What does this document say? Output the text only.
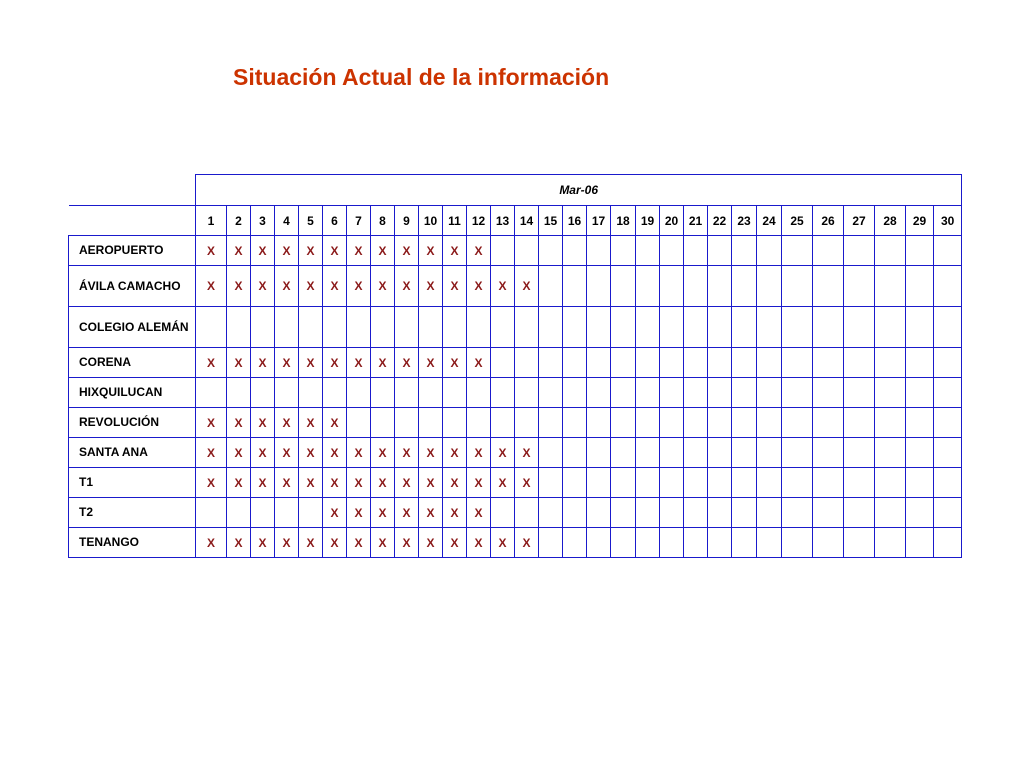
Situación Actual de la información
	Mar-06																													
	1	2	3	4	5	6	7	8	9	10	11	12	13	14	15	16	17	18	19	20	21	22	23	24	25	26	27	28	29	30
AEROPUERTO	X	X	X	X	X	X	X	X	X	X	X	X																		
ÁVILA CAMACHO	X	X	X	X	X	X	X	X	X	X	X	X	X	X																
COLEGIO ALEMÁN																														
CORENA	X	X	X	X	X	X	X	X	X	X	X	X																		
HIXQUILUCAN																														
REVOLUCIÓN	X	X	X	X	X	X																								
SANTA ANA	X	X	X	X	X	X	X	X	X	X	X	X	X	X																
T1	X	X	X	X	X	X	X	X	X	X	X	X	X	X																
T2						X	X	X	X	X	X	X																		
TENANGO	X	X	X	X	X	X	X	X	X	X	X	X	X	X																
